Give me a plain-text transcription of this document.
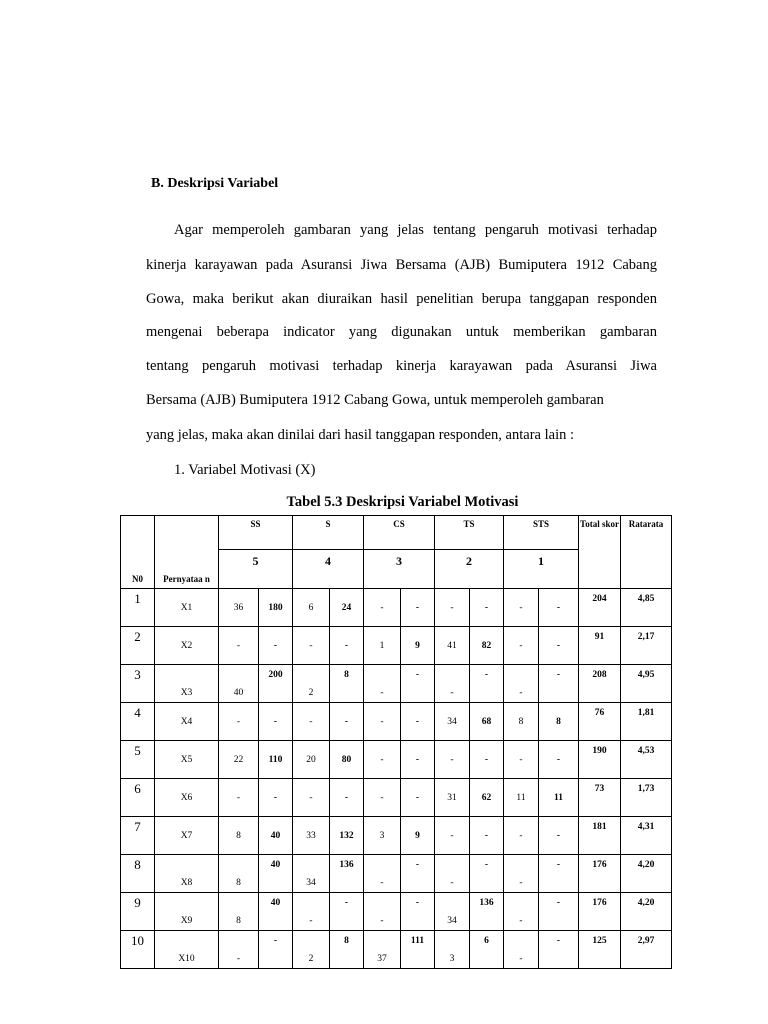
B. Deskripsi Variabel
Agar memperoleh gambaran yang jelas tentang pengaruh motivasi terhadap
kinerja karayawan pada Asuransi Jiwa Bersama (AJB) Bumiputera 1912 Cabang
Gowa, maka berikut akan diuraikan hasil penelitian berupa tanggapan responden
mengenai beberapa indicator yang digunakan untuk memberikan gambaran
tentang pengaruh motivasi terhadap kinerja karayawan pada Asuransi Jiwa
Bersama (AJB) Bumiputera 1912 Cabang Gowa, untuk memperoleh gambaran
yang jelas, maka akan dinilai dari hasil tanggapan responden, antara lain :
1. Variabel Motivasi (X)
Tabel 5.3 Deskripsi Variabel Motivasi
N0	Pernyataa n	SS		S		CS		TS		STS		Total skor	Ratarata
		5		4		3		2		1			
1	X1	36	180	6	24	-	-	-	-	-	-	204	4,85
2	X2	-	-	-	-	1	9	41	82	-	-	91	2,17
3	X3	40	200	2	8	-	-	-	-	-	-	208	4,95
4	X4	-	-	-	-	-	-	34	68	8	8	76	1,81
5	X5	22	110	20	80	-	-	-	-	-	-	190	4,53
6	X6	-	-	-	-	-	-	31	62	11	11	73	1,73
7	X7	8	40	33	132	3	9	-	-	-	-	181	4,31
8	X8	8	40	34	136	-	-	-	-	-	-	176	4,20
9	X9	8	40	-	-	-	-	34	136	-	-	176	4,20
10	X10	-	-	2	8	37	111	3	6	-	-	125	2,97
